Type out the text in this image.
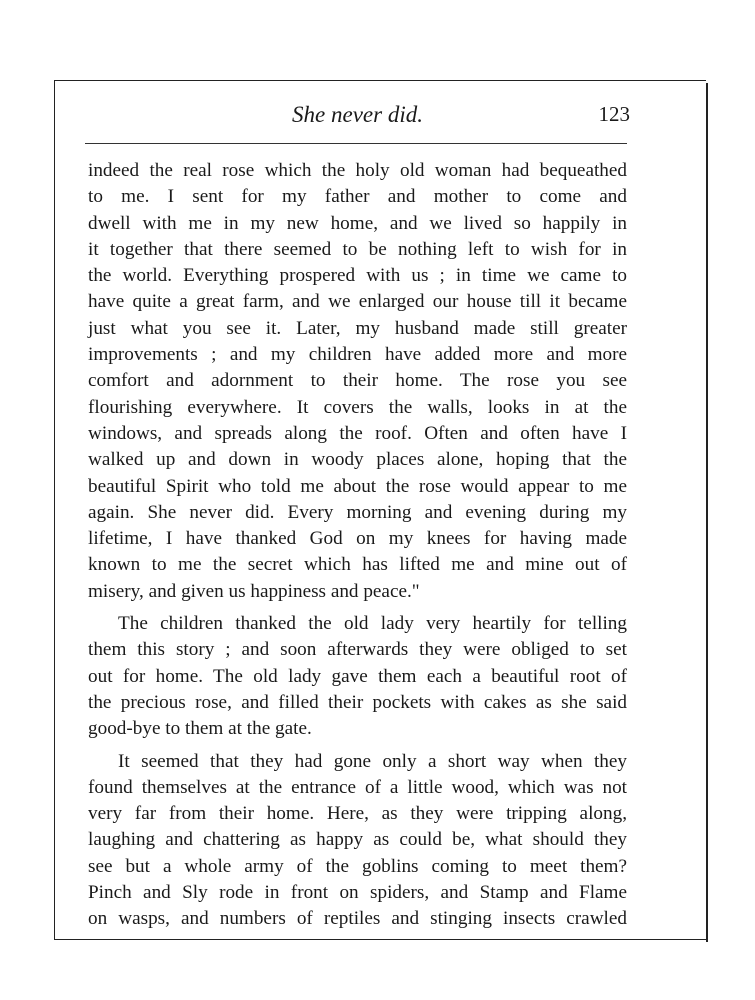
She never did.	123
indeed the real rose which the holy old woman had bequeathed
to me. I sent for my father and mother to come and
dwell with me in my new home, and we lived so happily in
it together that there seemed to be nothing left to wish for in
the world. Everything prospered with us ; in time we came to
have quite a great farm, and we enlarged our house till it became
just what you see it. Later, my husband made still greater
improvements ; and my children have added more and more
comfort and adornment to their home. The rose you see
flourishing everywhere. It covers the walls, looks in at the
windows, and spreads along the roof. Often and often have I
walked up and down in woody places alone, hoping that the
beautiful Spirit who told me about the rose would appear to me
again. She never did. Every morning and evening during my
lifetime, I have thanked God on my knees for having made
known to me the secret which has lifted me and mine out of
misery, and given us happiness and peace."
The children thanked the old lady very heartily for telling
them this story ; and soon afterwards they were obliged to set
out for home. The old lady gave them each a beautiful root of
the precious rose, and filled their pockets with cakes as she said
good-bye to them at the gate.
It seemed that they had gone only a short way when they
found themselves at the entrance of a little wood, which was not
very far from their home. Here, as they were tripping along,
laughing and chattering as happy as could be, what should they
see but a whole army of the goblins coming to meet them?
Pinch and Sly rode in front on spiders, and Stamp and Flame
on wasps, and numbers of reptiles and stinging insects crawled
